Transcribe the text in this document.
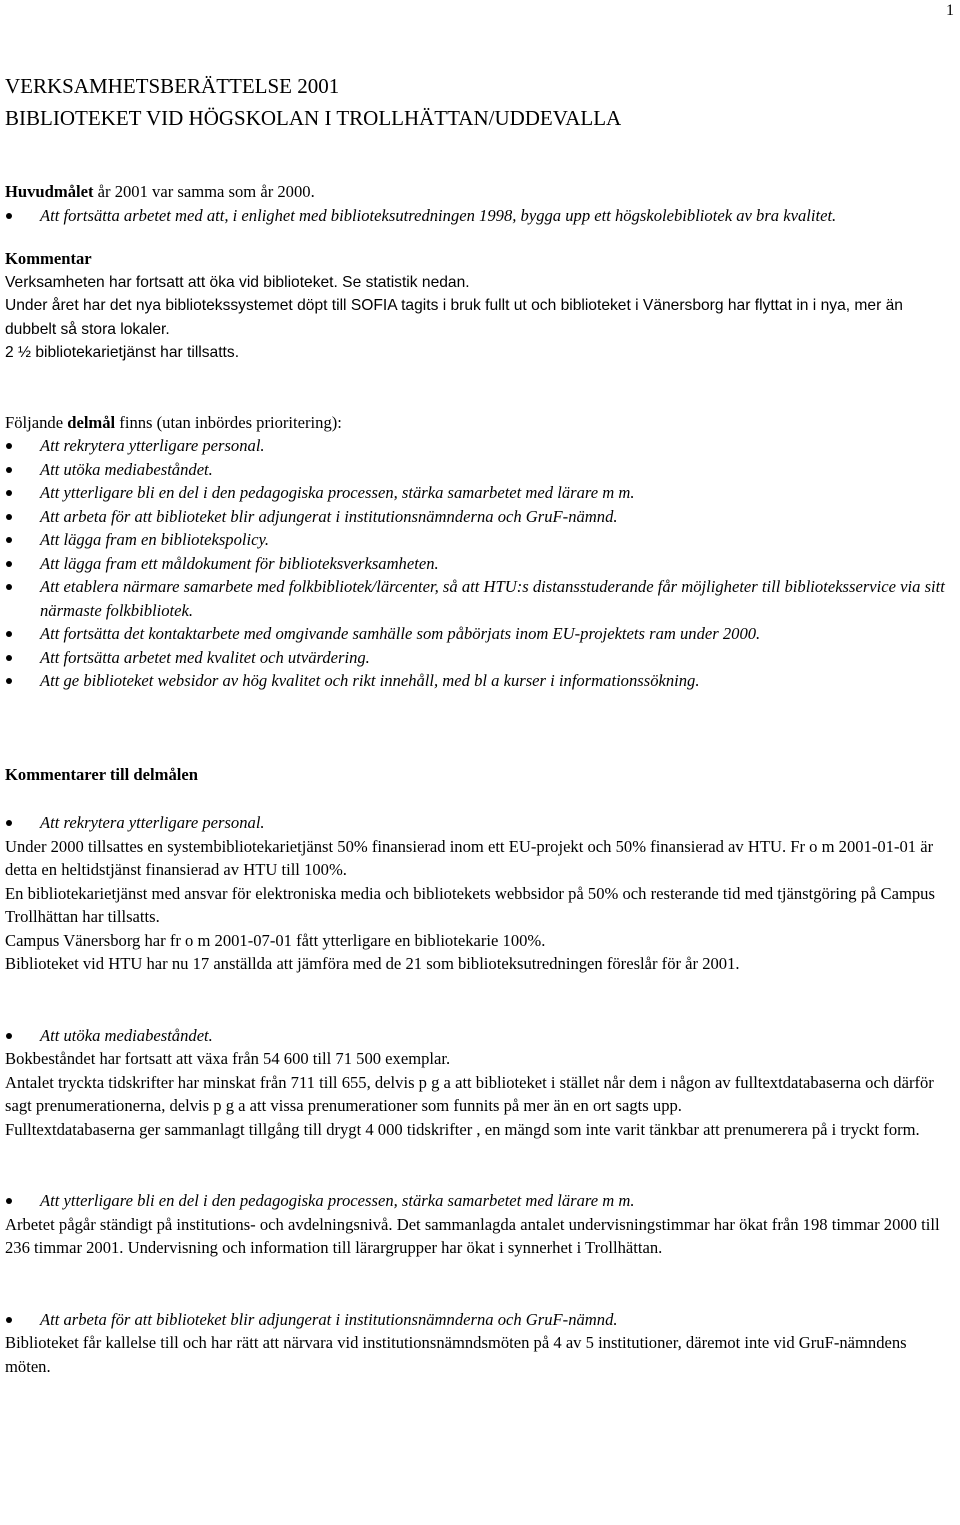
1
VERKSAMHETSBERÄTTELSE 2001
BIBLIOTEKET VID HÖGSKOLAN I TROLLHÄTTAN/UDDEVALLA

Huvudmålet år 2001 var samma som år 2000.

Att fortsätta arbetet med att, i enlighet med biblioteksutredningen 1998, bygga upp ett högskolebibliotek av bra kvalitet.

Kommentar

Verksamheten har fortsatt att öka vid biblioteket. Se statistik nedan.

Under året har det nya bibliotekssystemet döpt till SOFIA tagits i bruk fullt ut och biblioteket i Vänersborg har flyttat in i nya, mer än dubbelt så stora lokaler.

2 ½ bibliotekarietjänst har tillsatts.

Följande delmål finns (utan inbördes prioritering):

Att rekrytera ytterligare personal.
Att utöka mediabeståndet.
Att ytterligare bli en del i den pedagogiska processen, stärka samarbetet med lärare m m.
Att arbeta för att biblioteket blir adjungerat i institutionsnämnderna och GruF-nämnd.
Att lägga fram en bibliotekspolicy.
Att lägga fram ett måldokument för biblioteksverksamheten.
Att etablera närmare samarbete med folkbibliotek/lärcenter, så att HTU:s distansstuderande får möjligheter till biblioteksservice via sitt närmaste folkbibliotek.
Att fortsätta det kontaktarbete med omgivande samhälle som påbörjats inom EU-projektets ram under 2000.
Att fortsätta arbetet med kvalitet och utvärdering.
Att ge biblioteket websidor av hög kvalitet och rikt innehåll, med bl a kurser i informationssökning.

Kommentarer till delmålen

Att rekrytera ytterligare personal.

Under 2000 tillsattes en systembibliotekarietjänst 50% finansierad inom ett EU-projekt och 50% finansierad av HTU. Fr o m 2001-01-01 är detta en heltidstjänst finansierad av HTU till 100%.

En bibliotekarietjänst med ansvar för elektroniska media och bibliotekets webbsidor på 50% och resterande tid med tjänstgöring på Campus Trollhättan har tillsatts.

Campus Vänersborg har fr o m 2001-07-01 fått ytterligare en bibliotekarie 100%.

Biblioteket vid HTU har nu 17 anställda att jämföra med de 21 som biblioteksutredningen föreslår för år 2001.

Att utöka mediabeståndet.

Bokbeståndet har fortsatt att växa från 54 600 till 71 500 exemplar.

Antalet tryckta tidskrifter har minskat från 711 till 655, delvis p g a att biblioteket i stället når dem i någon av fulltextdatabaserna och därför sagt prenumerationerna, delvis p g a att vissa prenumerationer som funnits på mer än en ort sagts upp.

Fulltextdatabaserna ger sammanlagt tillgång till drygt 4 000 tidskrifter , en mängd som inte varit tänkbar att prenumerera på i tryckt form.

Att ytterligare bli en del i den pedagogiska processen, stärka samarbetet med lärare m m.

Arbetet pågår ständigt på institutions- och avdelningsnivå. Det sammanlagda antalet undervisningstimmar har ökat från 198 timmar 2000 till 236 timmar 2001. Undervisning och information till lärargrupper har ökat i synnerhet i Trollhättan.

Att arbeta för att biblioteket blir adjungerat i institutionsnämnderna och GruF-nämnd.

Biblioteket får kallelse till och har rätt att närvara vid institutionsnämndsmöten på 4 av 5 institutioner, däremot inte vid GruF-nämndens möten.
